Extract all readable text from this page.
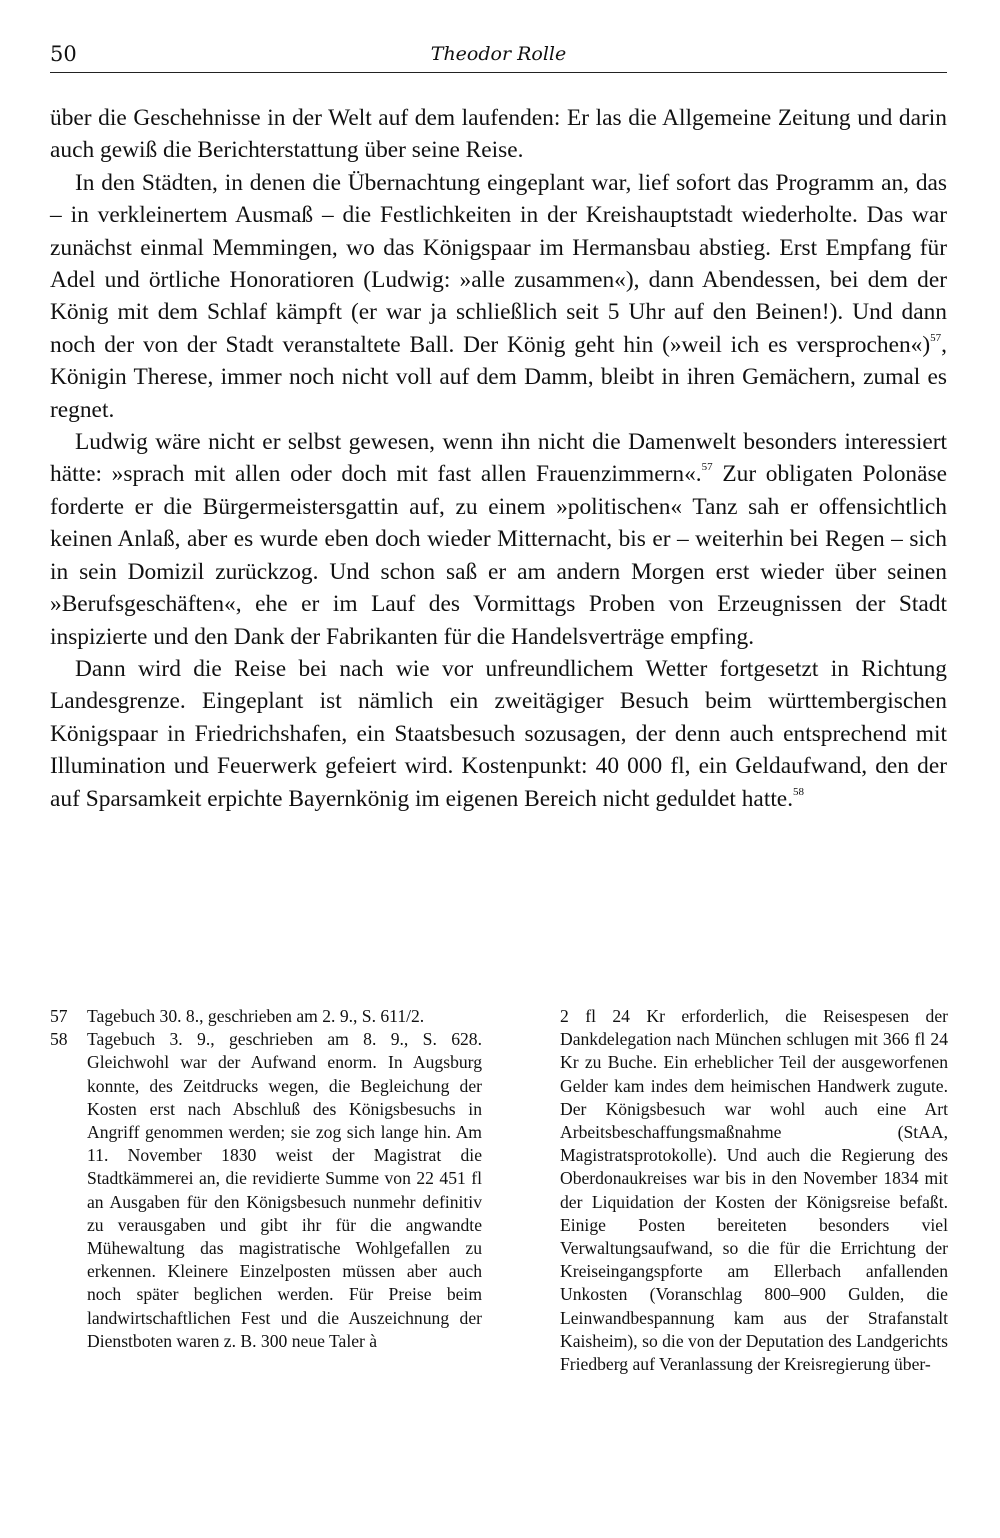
50	Theodor Rolle

über die Geschehnisse in der Welt auf dem laufenden: Er las die Allgemeine Zeitung und darin auch gewiß die Berichterstattung über seine Reise.

In den Städten, in denen die Übernachtung eingeplant war, lief sofort das Programm an, das – in verkleinertem Ausmaß – die Festlichkeiten in der Kreishauptstadt wiederholte. Das war zunächst einmal Memmingen, wo das Königspaar im Hermansbau abstieg. Erst Empfang für Adel und örtliche Honoratioren (Ludwig: »alle zusammen«), dann Abendessen, bei dem der König mit dem Schlaf kämpft (er war ja schließlich seit 5 Uhr auf den Beinen!). Und dann noch der von der Stadt veranstaltete Ball. Der König geht hin (»weil ich es versprochen«)$^{57}$, Königin Therese, immer noch nicht voll auf dem Damm, bleibt in ihren Gemächern, zumal es regnet.

Ludwig wäre nicht er selbst gewesen, wenn ihn nicht die Damenwelt besonders interessiert hätte: »sprach mit allen oder doch mit fast allen Frauenzimmern«.$^{57}$ Zur obligaten Polonäse forderte er die Bürgermeistersgattin auf, zu einem »politischen« Tanz sah er offensichtlich keinen Anlaß, aber es wurde eben doch wieder Mitternacht, bis er – weiterhin bei Regen – sich in sein Domizil zurückzog. Und schon saß er am andern Morgen erst wieder über seinen »Berufsgeschäften«, ehe er im Lauf des Vormittags Proben von Erzeugnissen der Stadt inspizierte und den Dank der Fabrikanten für die Handelsverträge empfing.

Dann wird die Reise bei nach wie vor unfreundlichem Wetter fortgesetzt in Richtung Landesgrenze. Eingeplant ist nämlich ein zweitägiger Besuch beim württembergischen Königspaar in Friedrichshafen, ein Staatsbesuch sozusagen, der denn auch entsprechend mit Illumination und Feuerwerk gefeiert wird. Kostenpunkt: 40 000 fl, ein Geldaufwand, den der auf Sparsamkeit erpichte Bayernkönig im eigenen Bereich nicht geduldet hatte.$^{58}$

57 Tagebuch 30. 8., geschrieben am 2. 9., S. 611/2.

58 Tagebuch 3. 9., geschrieben am 8. 9., S. 628. Gleichwohl war der Aufwand enorm. In Augsburg konnte, des Zeitdrucks wegen, die Begleichung der Kosten erst nach Abschluß des Königsbesuchs in Angriff genommen werden; sie zog sich lange hin. Am 11. November 1830 weist der Magistrat die Stadtkämmerei an, die revidierte Summe von 22 451 fl an Ausgaben für den Königsbesuch nunmehr definitiv zu verausgaben und gibt ihr für die angwandte Mühewaltung das magistratische Wohlgefallen zu erkennen. Kleinere Einzelposten müssen aber auch noch später beglichen werden. Für Preise beim landwirtschaftlichen Fest und die Auszeichnung der Dienstboten waren z. B. 300 neue Taler à

2 fl 24 Kr erforderlich, die Reisespesen der Dankdelegation nach München schlugen mit 366 fl 24 Kr zu Buche. Ein erheblicher Teil der ausgeworfenen Gelder kam indes dem heimischen Handwerk zugute. Der Königsbesuch war wohl auch eine Art Arbeitsbeschaffungsmaßnahme (StAA, Magistratsprotokolle). Und auch die Regierung des Oberdonaukreises war bis in den November 1834 mit der Liquidation der Kosten der Königsreise befaßt. Einige Posten bereiteten besonders viel Verwaltungsaufwand, so die für die Errichtung der Kreiseingangspforte am Ellerbach anfallenden Unkosten (Voranschlag 800–900 Gulden, die Leinwandbespannung kam aus der Strafanstalt Kaisheim), so die von der Deputation des Landgerichts Friedberg auf Veranlassung der Kreisregierung über-
